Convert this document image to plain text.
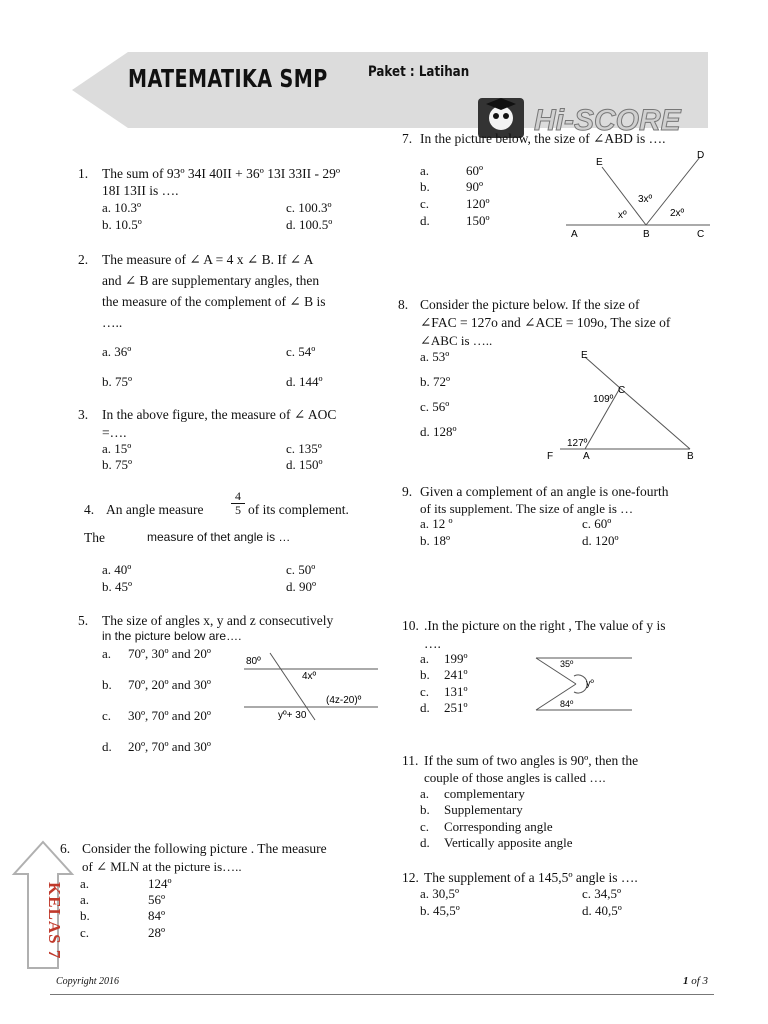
MATEMATIKA SMP	Paket : Latihan
Hi-SCORE
1. The sum of 93º 34I 40II + 36º 13I 33II - 29º
18I 13II is ….
a. 10.3º
b. 10.5º
c. 100.3º
d. 100.5º
2. The measure of ∠ A = 4 x ∠ B. If ∠ A
and ∠ B are supplementary angles, then
the measure of the complement of ∠ B is
…..
a. 36º
b. 75º
c. 54º
d. 144º
3. In the above figure, the measure of ∠ AOC
=….
a. 15º
b. 75º
c. 135º
d. 150º
4. An angle measure
4
5 of its complement.
The	measure of thet angle is …
a. 40º
b. 45º
c. 50º
d. 90º
5. The size of angles x, y and z consecutively
in the picture below are….
a. 70º, 30º and 20º
b. 70º, 20º and 30º
c. 30º, 70º and 20º
d. 20º, 70º and 30º
80º
4xº
(4z-20)º
yº+ 30
6. Consider the following picture . The measure
of ∠ MLN at the picture is…..
a.	124º
a.	56º
b.	84º
c.	28º
KELAS 7
7. In the picture below, the size of ∠ABD is ….
a.	60º
b.	90º
c.	120º
d.	150º
E
D
A	B	C
3xº
xº	2xº
8. Consider the picture below. If the size of
∠FAC = 127o and ∠ACE = 109o, The size of
∠ABC is …..
a. 53º
b. 72º
c. 56º
d. 128º
E
C
109º
127º
F	A	B
9. Given a complement of an angle is one-fourth
of its supplement. The size of angle is …
a. 12 º
b. 18º
c. 60º
d. 120º
10. .In the picture on the right , The value of y is
….
a. 199º
b. 241º
c. 131º
d. 251º
35º
yº
84º
11. If the sum of two angles is 90º, then the
couple of those angles is called ….
a. complementary
b. Supplementary
c. Corresponding angle
d. Vertically apposite angle
12. The supplement of a 145,5º angle is ….
a. 30,5º
b. 45,5º
c. 34,5º
d. 40,5º
Copyright 2016	1 of 3
